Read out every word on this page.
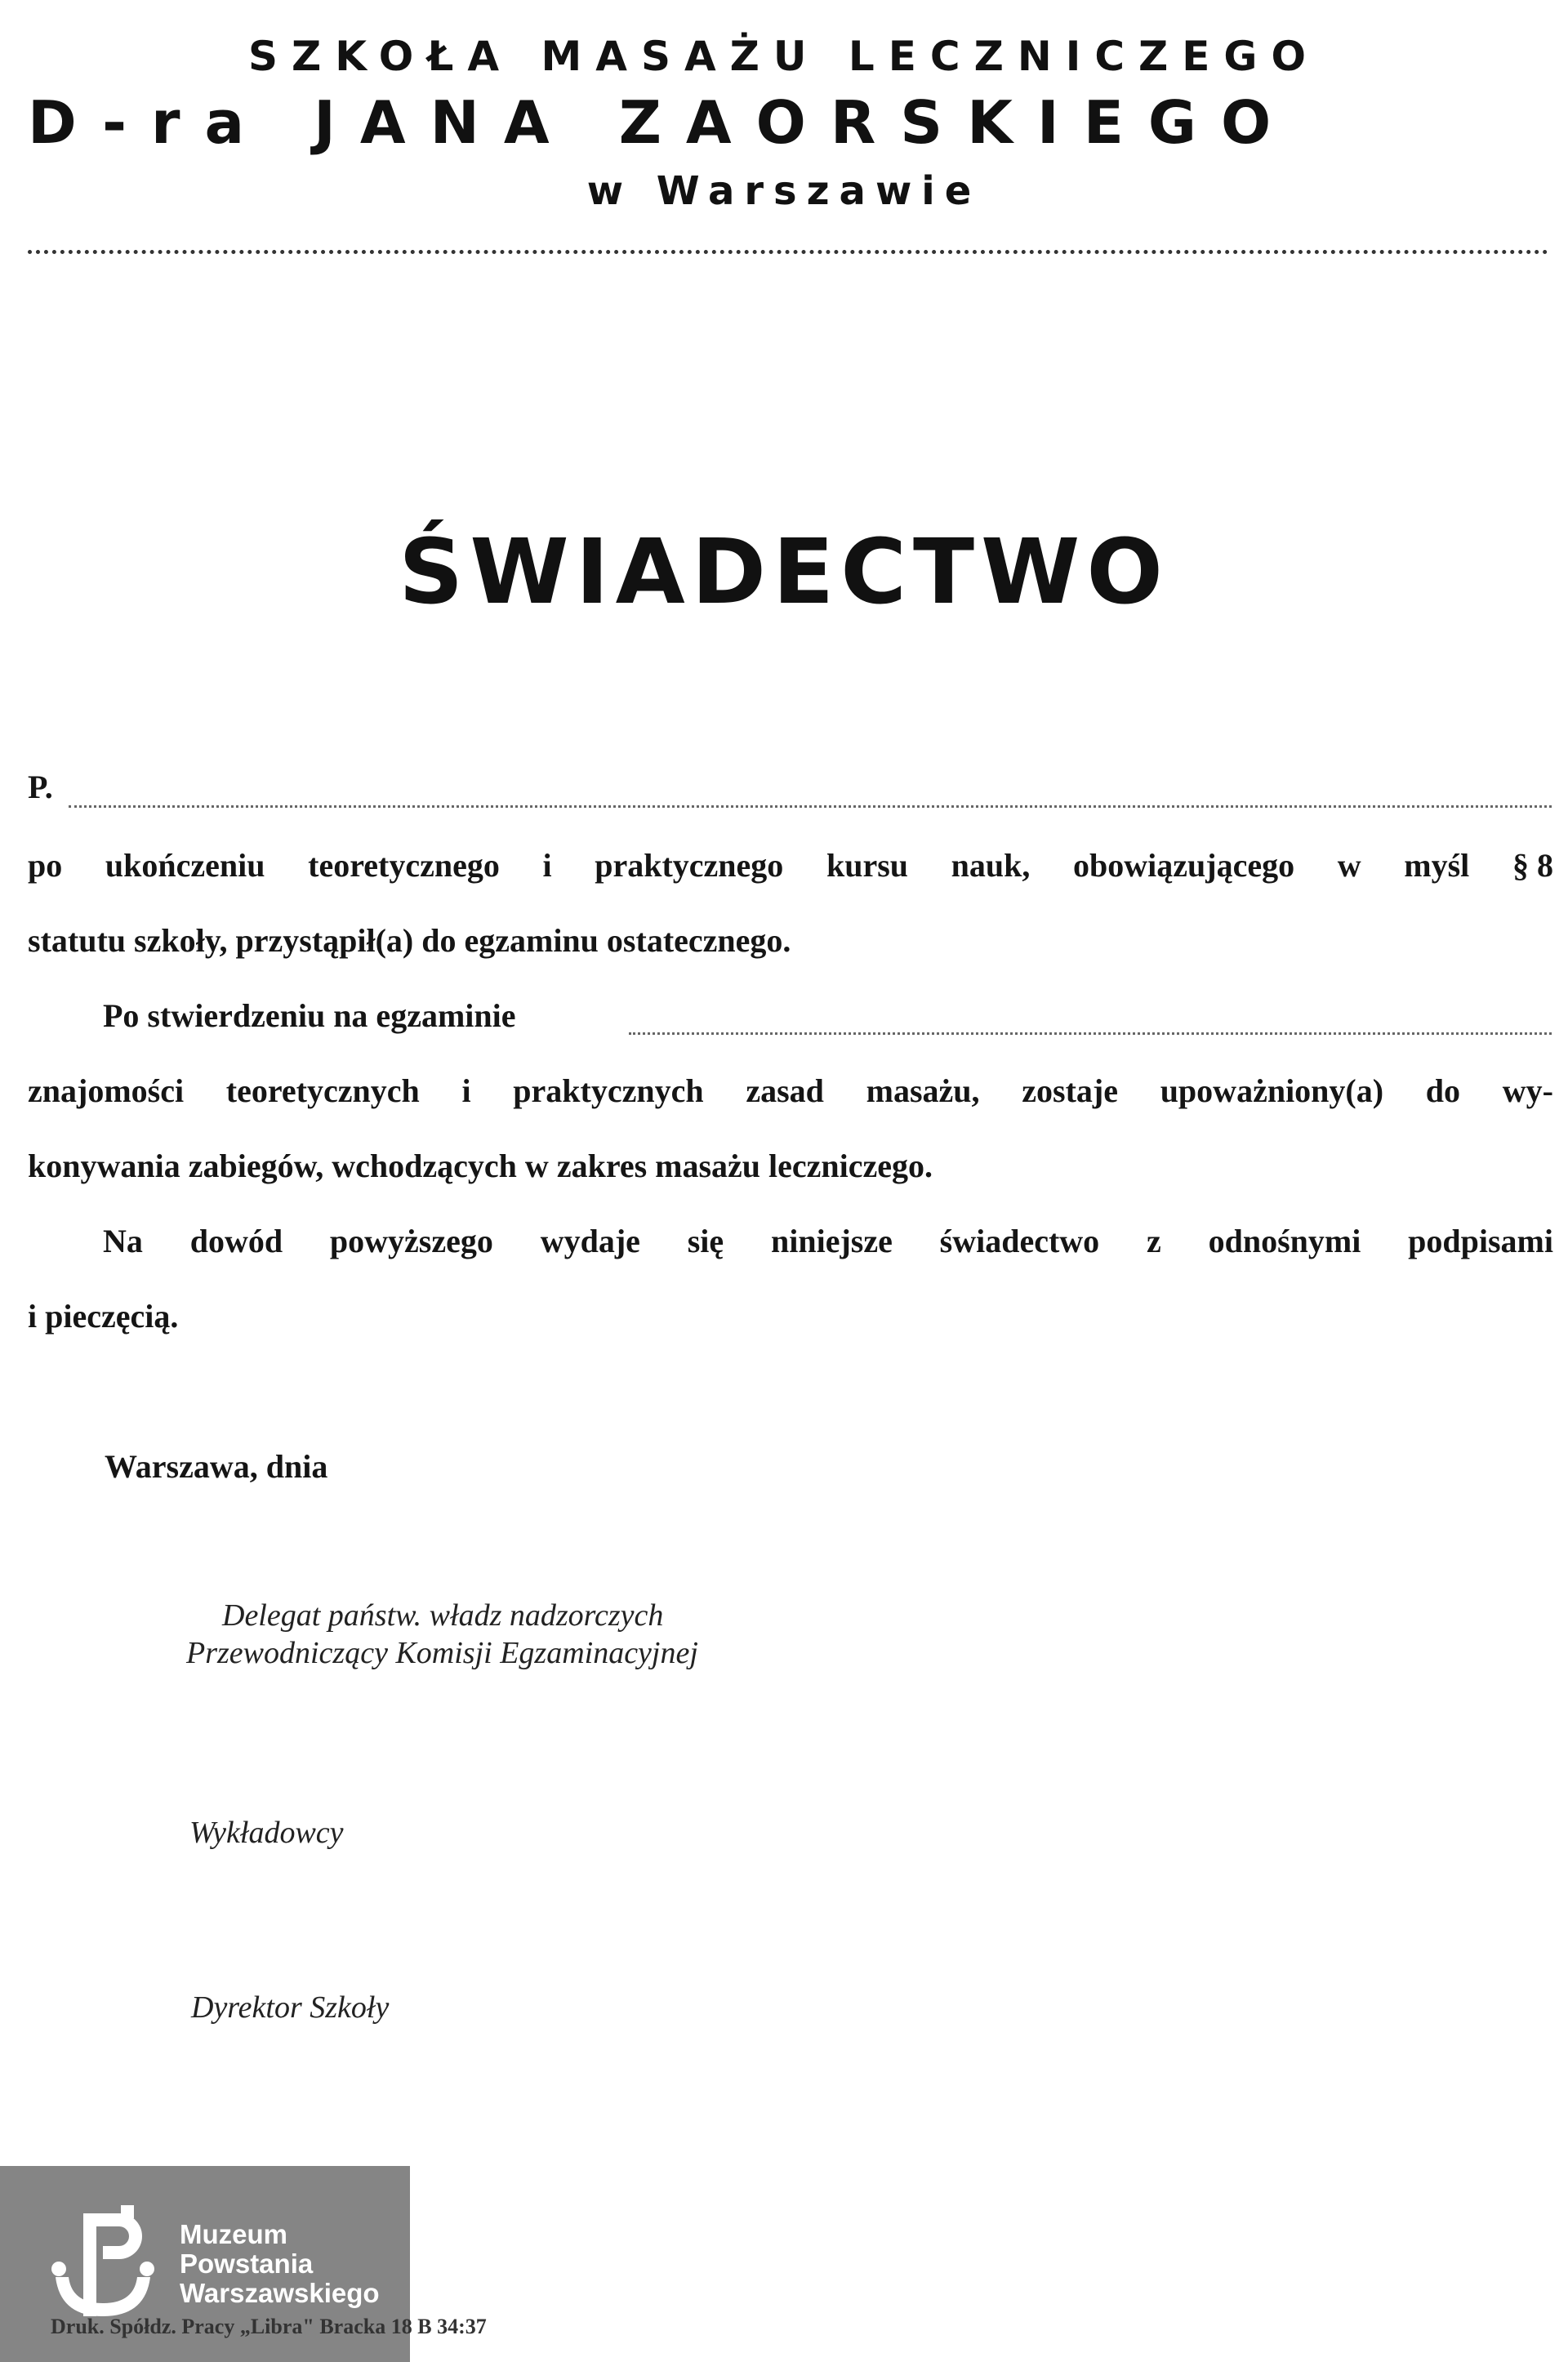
SZKOŁA MASAŻU LECZNICZEGO
D-ra JANA ZAORSKIEGO
w Warszawie
ŚWIADECTWO
P.
po ukończeniu teoretycznego i praktycznego kursu nauk, obowiązującego w myśl § 8
statutu szkoły, przystąpił(a) do egzaminu ostatecznego.
Po stwierdzeniu na egzaminie
znajomości teoretycznych i praktycznych zasad masażu, zostaje upoważniony(a) do wy-
konywania zabiegów, wchodzących w zakres masażu leczniczego.
Na dowód powyższego wydaje się niniejsze świadectwo z odnośnymi podpisami
i pieczęcią.
Warszawa, dnia
Delegat państw. władz nadzorczych
Przewodniczący Komisji Egzaminacyjnej
Wykładowcy
Dyrektor Szkoły
Muzeum
Powstania
Warszawskiego
Druk. Spółdz. Pracy „Libra" Bracka 18 B 34:37
